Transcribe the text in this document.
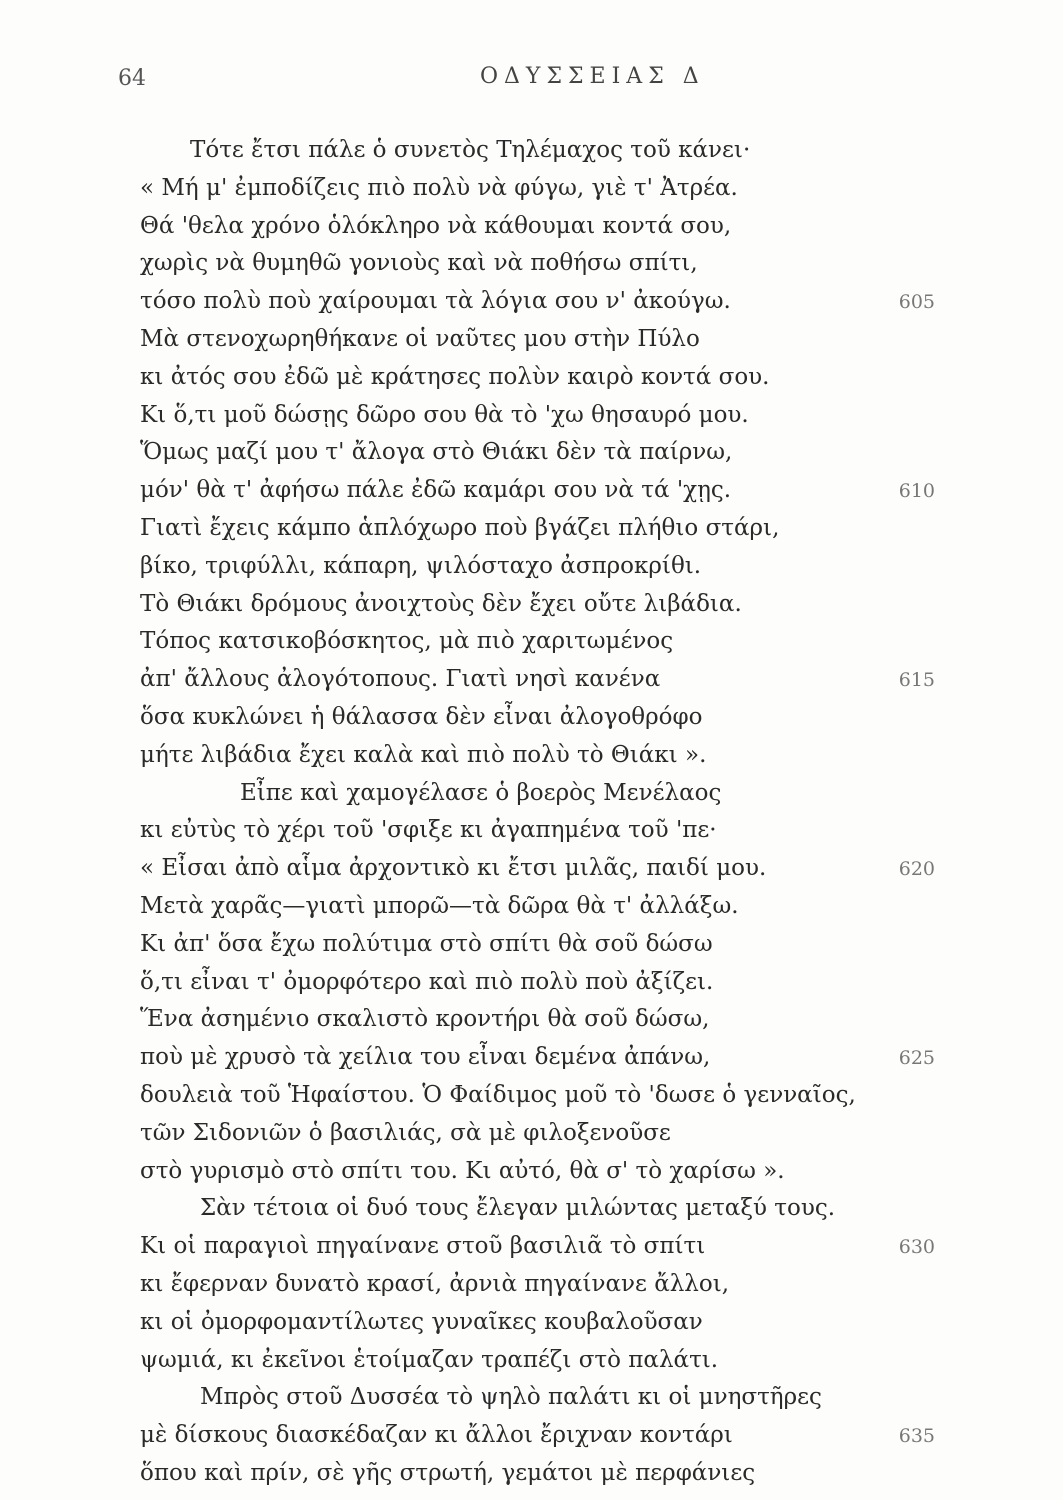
64	ΟΔΥΣΣΕΙΑΣ Δ
Τότε ἔτσι πάλε ὁ συνετὸς Τηλέμαχος τοῦ κάνει·
« Μή μ' ἐμποδίζεις πιὸ πολὺ νὰ φύγω, γιὲ τ' Ἀτρέα.
Θά 'θελα χρόνο ὁλόκληρο νὰ κάθουμαι κοντά σου,
χωρὶς νὰ θυμηθῶ γονιοὺς καὶ νὰ ποθήσω σπίτι,
τόσο πολὺ ποὺ χαίρουμαι τὰ λόγια σου ν' ἀκούγω.
Μὰ στενοχωρηθήκανε οἱ ναῦτες μου στὴν Πύλο
κι ἀτός σου ἐδῶ μὲ κράτησες πολὺν καιρὸ κοντά σου.
Κι ὅ,τι μοῦ δώσῃς δῶρο σου θὰ τὸ 'χω θησαυρό μου.
Ὅμως μαζί μου τ' ἄλογα στὸ Θιάκι δὲν τὰ παίρνω,
μόν' θὰ τ' ἀφήσω πάλε ἐδῶ καμάρι σου νὰ τά 'χῃς.
Γιατὶ ἔχεις κάμπο ἁπλόχωρο ποὺ βγάζει πλήθιο στάρι,
βίκο, τριφύλλι, κάπαρη, ψιλόσταχο ἀσπροκρίθι.
Τὸ Θιάκι δρόμους ἀνοιχτοὺς δὲν ἔχει οὔτε λιβάδια.
Τόπος κατσικοβόσκητος, μὰ πιὸ χαριτωμένος
ἀπ' ἄλλους ἀλογότοπους. Γιατὶ νησὶ κανένα
ὅσα κυκλώνει ἡ θάλασσα δὲν εἶναι ἀλογοθρόφο
μήτε λιβάδια ἔχει καλὰ καὶ πιὸ πολὺ τὸ Θιάκι ».
Εἶπε καὶ χαμογέλασε ὁ βοερὸς Μενέλαος
κι εὐτὺς τὸ χέρι τοῦ 'σφιξε κι ἀγαπημένα τοῦ 'πε·
« Εἶσαι ἀπὸ αἷμα ἀρχοντικὸ κι ἔτσι μιλᾶς, παιδί μου.
Μετὰ χαρᾶς—γιατὶ μπορῶ—τὰ δῶρα θὰ τ' ἀλλάξω.
Κι ἀπ' ὅσα ἔχω πολύτιμα στὸ σπίτι θὰ σοῦ δώσω
ὅ,τι εἶναι τ' ὀμορφότερο καὶ πιὸ πολὺ ποὺ ἀξίζει.
Ἕνα ἀσημένιο σκαλιστὸ κροντήρι θὰ σοῦ δώσω,
ποὺ μὲ χρυσὸ τὰ χείλια του εἶναι δεμένα ἀπάνω,
δουλειὰ τοῦ Ἡφαίστου. Ὁ Φαίδιμος μοῦ τὸ 'δωσε ὁ γενναῖος,
τῶν Σιδονιῶν ὁ βασιλιάς, σὰ μὲ φιλοξενοῦσε
στὸ γυρισμὸ στὸ σπίτι του. Κι αὐτό, θὰ σ' τὸ χαρίσω ».
Σὰν τέτοια οἱ δυό τους ἔλεγαν μιλώντας μεταξύ τους.
Κι οἱ παραγιοὶ πηγαίνανε στοῦ βασιλιᾶ τὸ σπίτι
κι ἔφερναν δυνατὸ κρασί, ἀρνιὰ πηγαίνανε ἄλλοι,
κι οἱ ὀμορφομαντίλωτες γυναῖκες κουβαλοῦσαν
ψωμιά, κι ἐκεῖνοι ἑτοίμαζαν τραπέζι στὸ παλάτι.
Μπρὸς στοῦ Δυσσέα τὸ ψηλὸ παλάτι κι οἱ μνηστῆρες
μὲ δίσκους διασκέδαζαν κι ἄλλοι ἔριχναν κοντάρι
ὅπου καὶ πρίν, σὲ γῆς στρωτή, γεμάτοι μὲ περφάνιες
605
610
615
620
625
630
635
